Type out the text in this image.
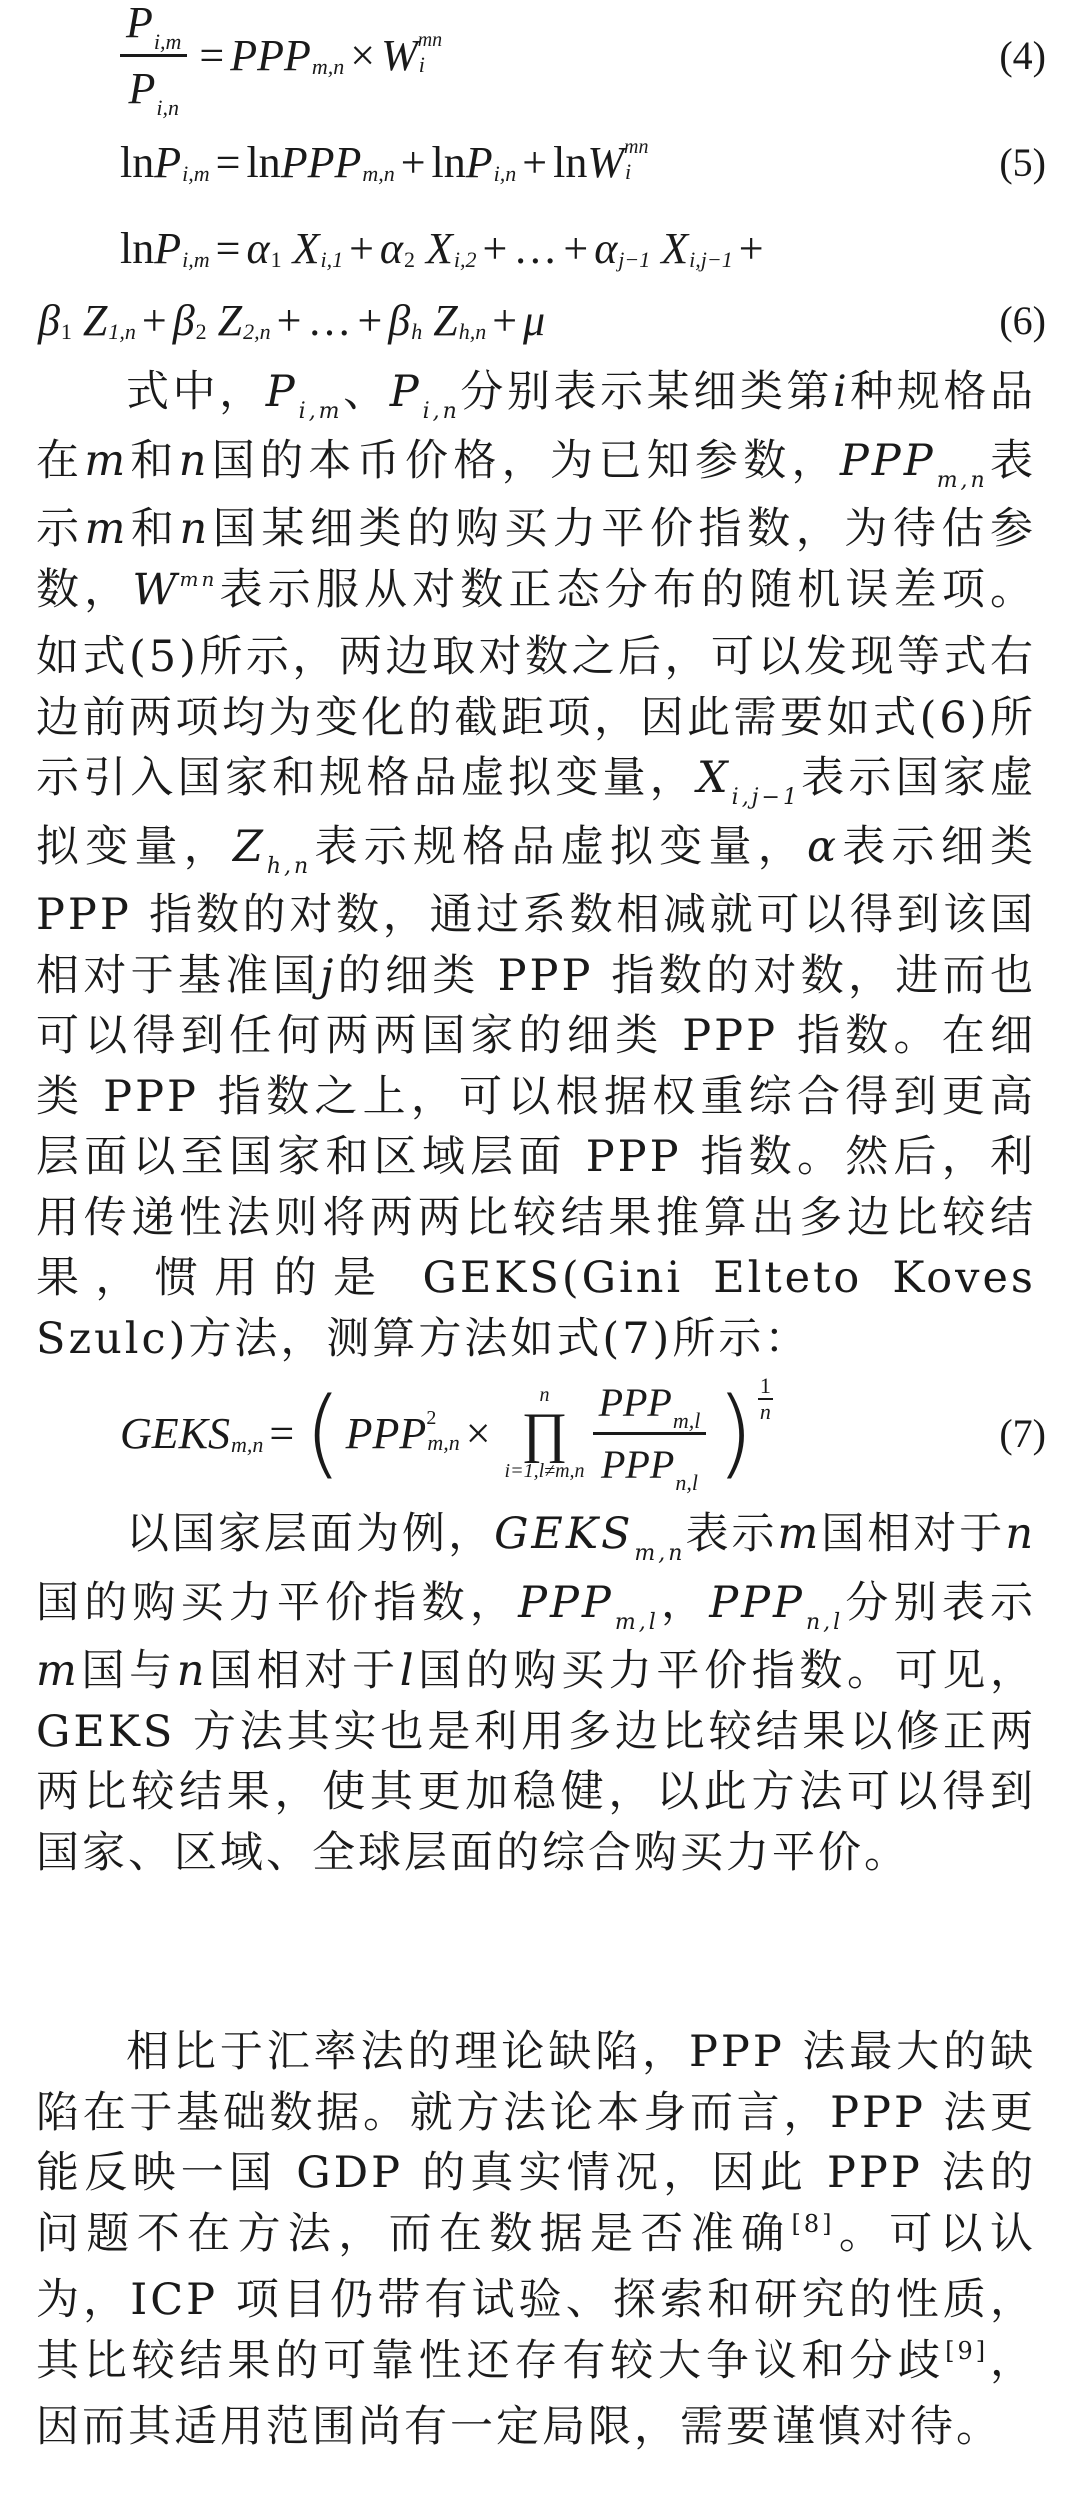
$\frac{P_{i,m}}{P_{i,n}}$ = PPP m,n × W mn
i	(4)
ln P i,m = ln PPP m,n + ln P i,n + ln W mn
i	(5)
ln P i,m = α 1
X i,1 + α 2
X i,2 + … + α j−1
X i,j−1 +
β 1
Z 1,n + β 2
Z 2,n + … + β h
Z h,n + μ	(6)
式中，$P_{i,m}$、$P_{i,n}$分别表示某细类第i种规格品在m和n国的本币价格，为已知参数，$PPP_{m,n}$表示m和n国某细类的购买力平价指数，为待估参数，$W^{mn}$表示服从对数正态分布的随机误差项。如式(5)所示，两边取对数之后，可以发现等式右边前两项均为变化的截距项，因此需要如式(6)所示引入国家和规格品虚拟变量，$X_{i,j-1}$表示国家虚拟变量，$Z_{h,n}$表示规格品虚拟变量，α表示细类 PPP 指数的对数，通过系数相减就可以得到该国相对于基准国j的细类 PPP 指数的对数，进而也可以得到任何两两国家的细类 PPP 指数。在细类 PPP 指数之上，可以根据权重综合得到更高层面以至国家和区域层面 PPP 指数。然后，利用传递性法则将两两比较结果推算出多边比较结果，惯用的是 GEKS(Gini Elteto Koves Szulc)方法，测算方法如式(7)所示：
GEKS m,n = ( PPP 2
m,n ×
n
∏
$i=1,l\ne m,n \frac{PPP_{m,l}}{PPP_{n,l}}$ ) 1
n	(7)
以国家层面为例，$GEKS_{m,n}$表示m国相对于n国的购买力平价指数，$PPP_{m,l}$，$PPP_{n,l}$分别表示m国与n国相对于l国的购买力平价指数。可见，GEKS 方法其实也是利用多边比较结果以修正两两比较结果，使其更加稳健，以此方法可以得到国家、区域、全球层面的综合购买力平价。
相比于汇率法的理论缺陷，PPP 法最大的缺陷在于基础数据。就方法论本身而言，PPP 法更能反映一国 GDP 的真实情况，因此 PPP 法的问题不在方法，而在数据是否准确[8]。可以认为，ICP 项目仍带有试验、探索和研究的性质，其比较结果的可靠性还存有较大争议和分歧[9]，因而其适用范围尚有一定局限，需要谨慎对待。
